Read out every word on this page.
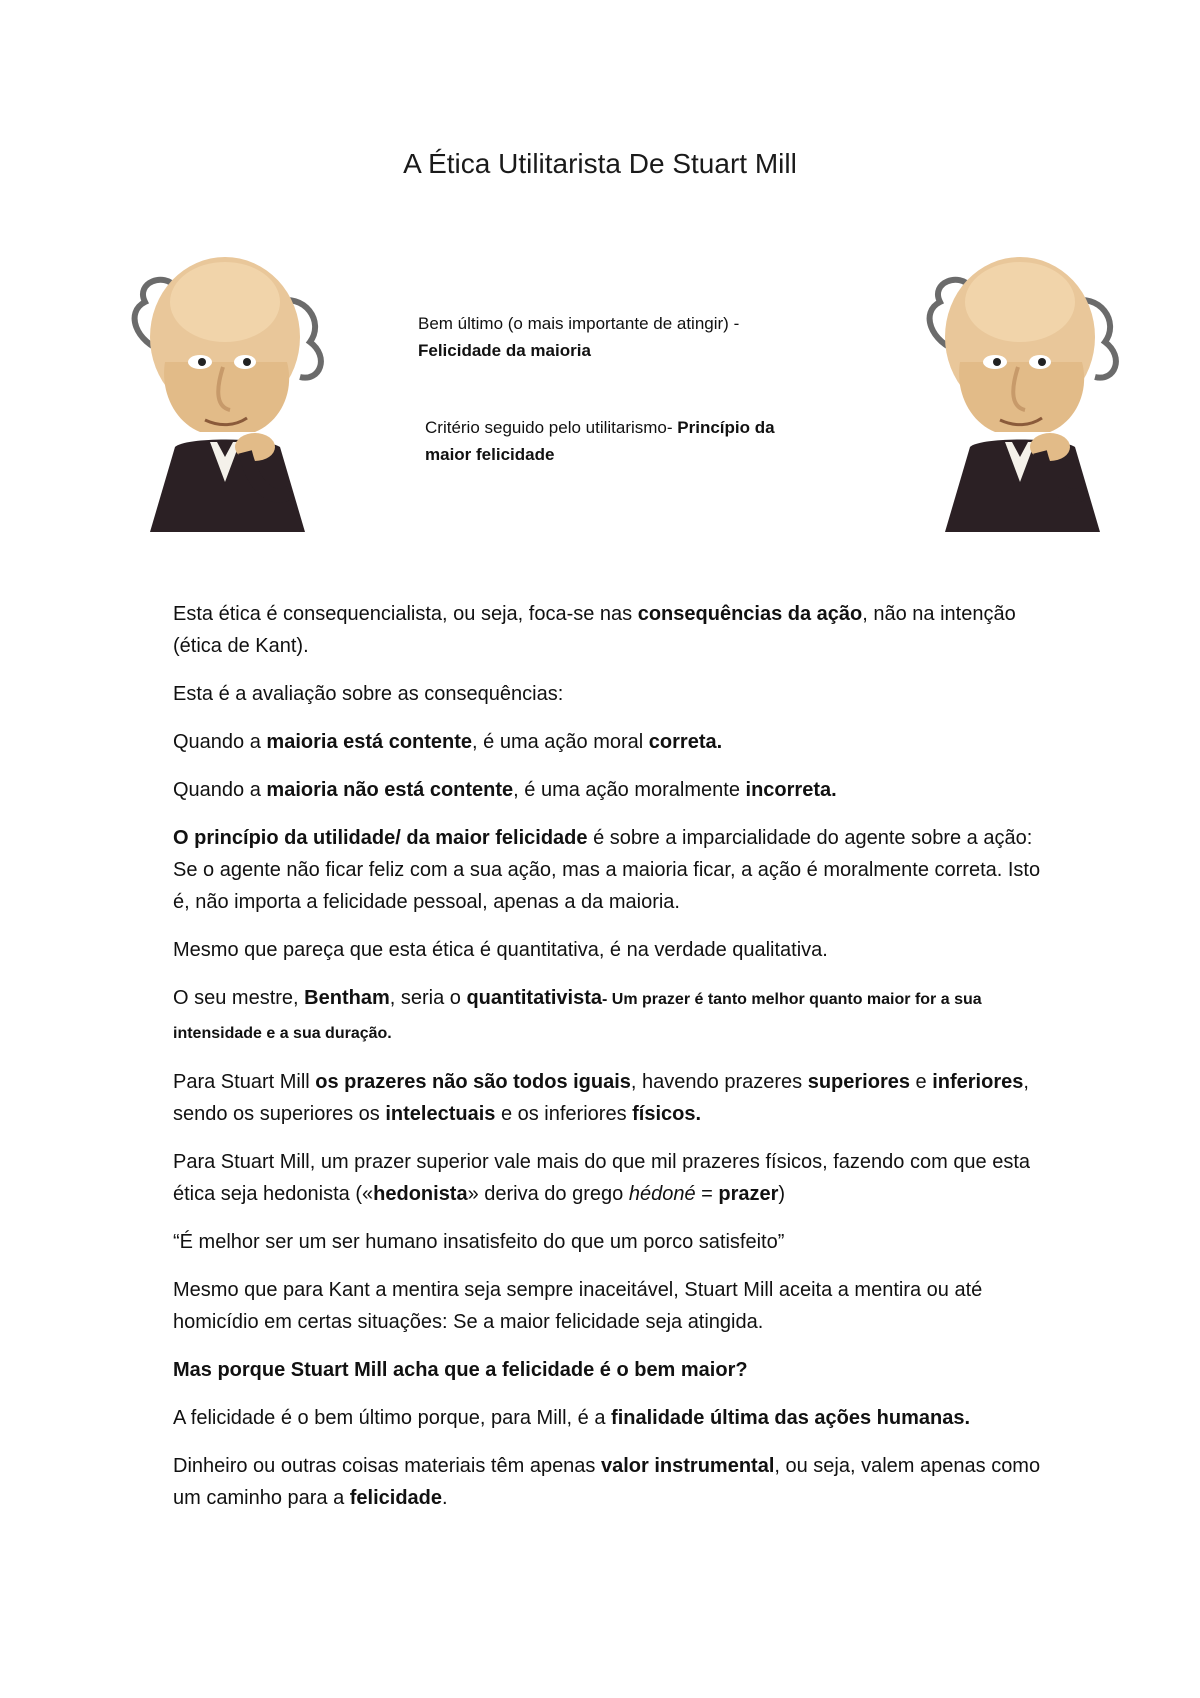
A Ética Utilitarista De Stuart Mill
Bem último (o mais importante de atingir) -
Felicidade da maioria
Critério seguido pelo utilitarismo- Princípio da
maior felicidade

Esta ética é consequencialista, ou seja, foca-se nas consequências da ação, não na intenção (ética de Kant).

Esta é a avaliação sobre as consequências:

Quando a maioria está contente, é uma ação moral correta.

Quando a maioria não está contente, é uma ação moralmente incorreta.

O princípio da utilidade/ da maior felicidade é sobre a imparcialidade do agente sobre a ação: Se o agente não ficar feliz com a sua ação, mas a maioria ficar, a ação é moralmente correta. Isto é, não importa a felicidade pessoal, apenas a da maioria.

Mesmo que pareça que esta ética é quantitativa, é na verdade qualitativa.

O seu mestre, Bentham, seria o quantitativista- Um prazer é tanto melhor quanto maior for a sua intensidade e a sua duração.

Para Stuart Mill os prazeres não são todos iguais, havendo prazeres superiores e inferiores, sendo os superiores os intelectuais e os inferiores físicos.

Para Stuart Mill, um prazer superior vale mais do que mil prazeres físicos, fazendo com que esta ética seja hedonista («hedonista» deriva do grego hédoné = prazer)

“É melhor ser um ser humano insatisfeito do que um porco satisfeito”

Mesmo que para Kant a mentira seja sempre inaceitável, Stuart Mill aceita a mentira ou até homicídio em certas situações: Se a maior felicidade seja atingida.

Mas porque Stuart Mill acha que a felicidade é o bem maior?

A felicidade é o bem último porque, para Mill, é a finalidade última das ações humanas.

Dinheiro ou outras coisas materiais têm apenas valor instrumental, ou seja, valem apenas como um caminho para a felicidade.
